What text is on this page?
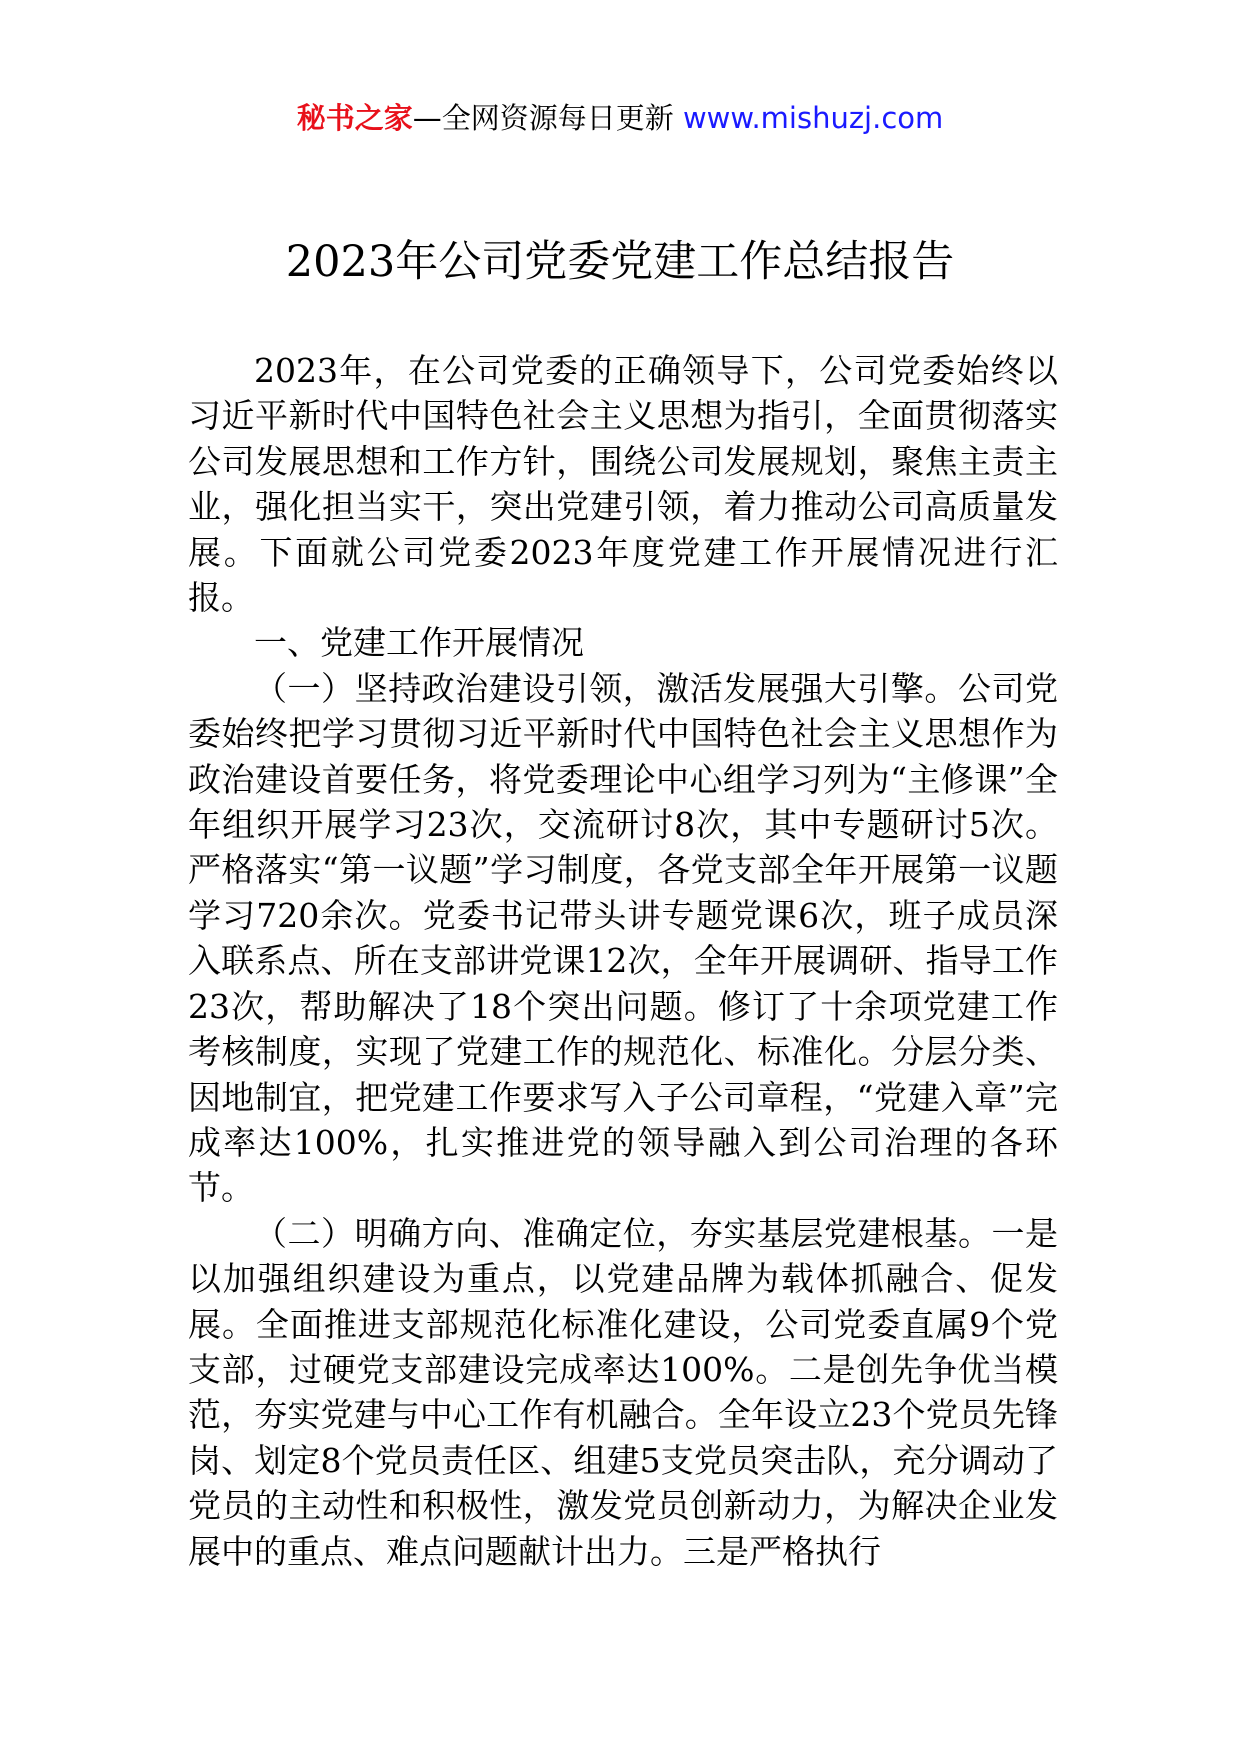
秘书之家—全网资源每日更新 www.mishuzj.com
2023年公司党委党建工作总结报告

2023年，在公司党委的正确领导下，公司党委始终以习近平新时代中国特色社会主义思想为指引，全面贯彻落实公司发展思想和工作方针，围绕公司发展规划，聚焦主责主业，强化担当实干，突出党建引领，着力推动公司高质量发展。下面就公司党委2023年度党建工作开展情况进行汇报。

一、党建工作开展情况

（一）坚持政治建设引领，激活发展强大引擎。公司党委始终把学习贯彻习近平新时代中国特色社会主义思想作为政治建设首要任务，将党委理论中心组学习列为“主修课”全年组织开展学习23次，交流研讨8次，其中专题研讨5次。严格落实“第一议题”学习制度，各党支部全年开展第一议题学习720余次。党委书记带头讲专题党课6次，班子成员深入联系点、所在支部讲党课12次，全年开展调研、指导工作23次，帮助解决了18个突出问题。修订了十余项党建工作考核制度，实现了党建工作的规范化、标准化。分层分类、因地制宜，把党建工作要求写入子公司章程，“党建入章”完成率达100%，扎实推进党的领导融入到公司治理的各环节。

（二）明确方向、准确定位，夯实基层党建根基。一是以加强组织建设为重点，以党建品牌为载体抓融合、促发展。全面推进支部规范化标准化建设，公司党委直属9个党支部，过硬党支部建设完成率达100%。二是创先争优当模范，夯实党建与中心工作有机融合。全年设立23个党员先锋岗、划定8个党员责任区、组建5支党员突击队，充分调动了党员的主动性和积极性，激发党员创新动力，为解决企业发展中的重点、难点问题献计出力。三是严格执行
